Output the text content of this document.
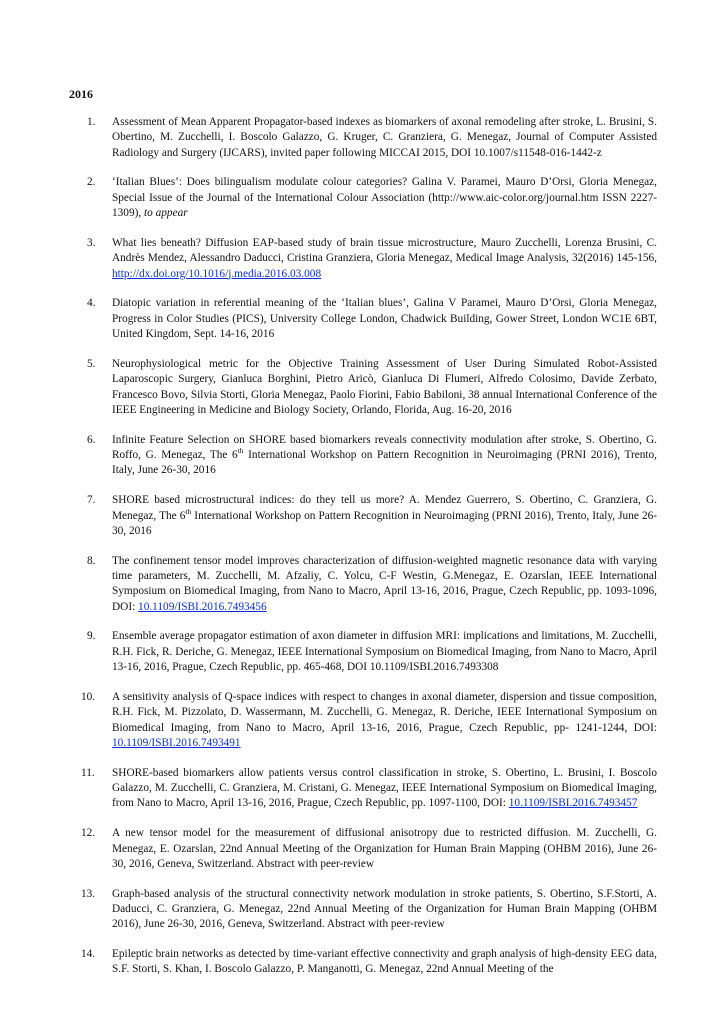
2016
1. Assessment of Mean Apparent Propagator-based indexes as biomarkers of axonal remodeling after stroke, L. Brusini, S. Obertino, M. Zucchelli, I. Boscolo Galazzo, G. Kruger, C. Granziera, G. Menegaz, Journal of Computer Assisted Radiology and Surgery (IJCARS), invited paper following MICCAI 2015, DOI 10.1007/s11548-016-1442-z
2. ‘Italian Blues’: Does bilingualism modulate colour categories? Galina V. Paramei, Mauro D’Orsi, Gloria Menegaz, Special Issue of the Journal of the International Colour Association (http://www.aic-color.org/journal.htm ISSN 2227-1309), to appear
3. What lies beneath? Diffusion EAP-based study of brain tissue microstructure, Mauro Zucchelli, Lorenza Brusini, C. Andrès Mendez, Alessandro Daducci, Cristina Granziera, Gloria Menegaz, Medical Image Analysis, 32(2016) 145-156, http://dx.doi.org/10.1016/j.media.2016.03.008
4. Diatopic variation in referential meaning of the ‘Italian blues’, Galina V Paramei, Mauro D’Orsi, Gloria Menegaz, Progress in Color Studies (PICS), University College London, Chadwick Building, Gower Street, London WC1E 6BT, United Kingdom, Sept. 14-16, 2016
5. Neurophysiological metric for the Objective Training Assessment of User During Simulated Robot-Assisted Laparoscopic Surgery, Gianluca Borghini, Pietro Aricò, Gianluca Di Flumeri, Alfredo Colosimo, Davide Zerbato, Francesco Bovo, Silvia Storti, Gloria Menegaz, Paolo Fiorini, Fabio Babiloni, 38 annual International Conference of the IEEE Engineering in Medicine and Biology Society, Orlando, Florida, Aug. 16-20, 2016
6. Infinite Feature Selection on SHORE based biomarkers reveals connectivity modulation after stroke, S. Obertino, G. Roffo, G. Menegaz, The 6th International Workshop on Pattern Recognition in Neuroimaging (PRNI 2016), Trento, Italy, June 26-30, 2016
7. SHORE based microstructural indices: do they tell us more? A. Mendez Guerrero, S. Obertino, C. Granziera, G. Menegaz, The 6th International Workshop on Pattern Recognition in Neuroimaging (PRNI 2016), Trento, Italy, June 26-30, 2016
8. The confinement tensor model improves characterization of diffusion-weighted magnetic resonance data with varying time parameters, M. Zucchelli, M. Afzaliy, C. Yolcu, C-F Westin, G.Menegaz, E. Ozarslan, IEEE International Symposium on Biomedical Imaging, from Nano to Macro, April 13-16, 2016, Prague, Czech Republic, pp. 1093-1096, DOI: 10.1109/ISBI.2016.7493456
9. Ensemble average propagator estimation of axon diameter in diffusion MRI: implications and limitations, M. Zucchelli, R.H. Fick, R. Deriche, G. Menegaz, IEEE International Symposium on Biomedical Imaging, from Nano to Macro, April 13-16, 2016, Prague, Czech Republic, pp. 465-468, DOI 10.1109/ISBI.2016.7493308
10. A sensitivity analysis of Q-space indices with respect to changes in axonal diameter, dispersion and tissue composition, R.H. Fick, M. Pizzolato, D. Wassermann, M. Zucchelli, G. Menegaz, R. Deriche, IEEE International Symposium on Biomedical Imaging, from Nano to Macro, April 13-16, 2016, Prague, Czech Republic, pp- 1241-1244, DOI: 10.1109/ISBI.2016.7493491
11. SHORE-based biomarkers allow patients versus control classification in stroke, S. Obertino, L. Brusini, I. Boscolo Galazzo, M. Zucchelli, C. Granziera, M. Cristani, G. Menegaz, IEEE International Symposium on Biomedical Imaging, from Nano to Macro, April 13-16, 2016, Prague, Czech Republic, pp. 1097-1100, DOI: 10.1109/ISBI.2016.7493457
12. A new tensor model for the measurement of diffusional anisotropy due to restricted diffusion. M. Zucchelli, G. Menegaz, E. Ozarslan, 22nd Annual Meeting of the Organization for Human Brain Mapping (OHBM 2016), June 26-30, 2016, Geneva, Switzerland. Abstract with peer-review
13. Graph-based analysis of the structural connectivity network modulation in stroke patients, S. Obertino, S.F.Storti, A. Daducci, C. Granziera, G. Menegaz, 22nd Annual Meeting of the Organization for Human Brain Mapping (OHBM 2016), June 26-30, 2016, Geneva, Switzerland. Abstract with peer-review
14. Epileptic brain networks as detected by time-variant effective connectivity and graph analysis of high-density EEG data, S.F. Storti, S. Khan, I. Boscolo Galazzo, P. Manganotti, G. Menegaz, 22nd Annual Meeting of the
